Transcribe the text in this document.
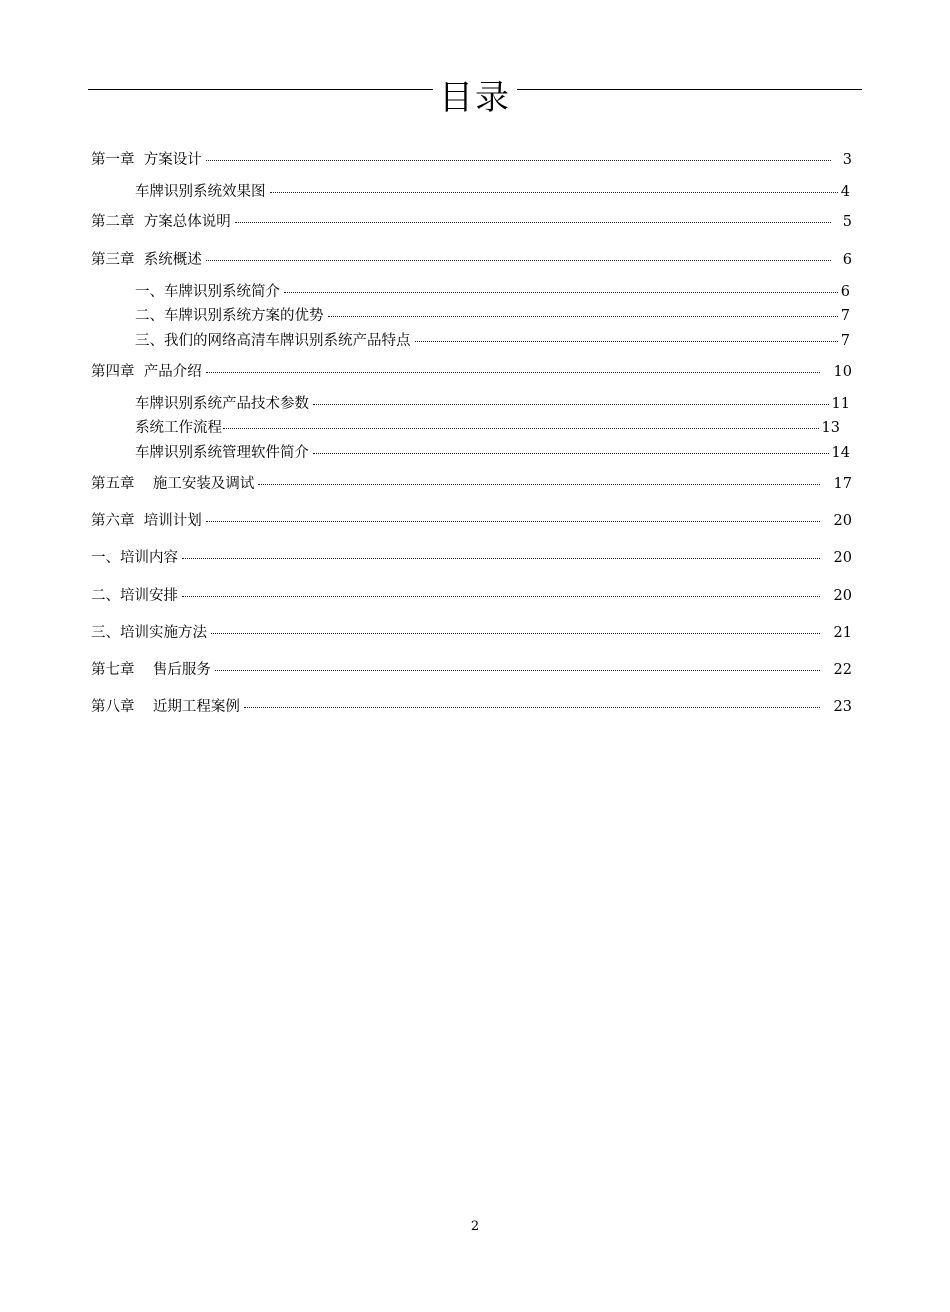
目录
第一章  方案设计	3
车牌识别系统效果图	4
第二章  方案总体说明	5
第三章  系统概述	6
一、车牌识别系统简介	6
二、车牌识别系统方案的优势	7
三、我们的网络高清车牌识别系统产品特点	7
第四章  产品介绍	10
车牌识别系统产品技术参数	11
系统工作流程	13
车牌识别系统管理软件简介	14
第五章    施工安装及调试	17
第六章  培训计划	20
一、培训内容	20
二、培训安排	20
三、培训实施方法	21
第七章    售后服务	22
第八章    近期工程案例	23
2
